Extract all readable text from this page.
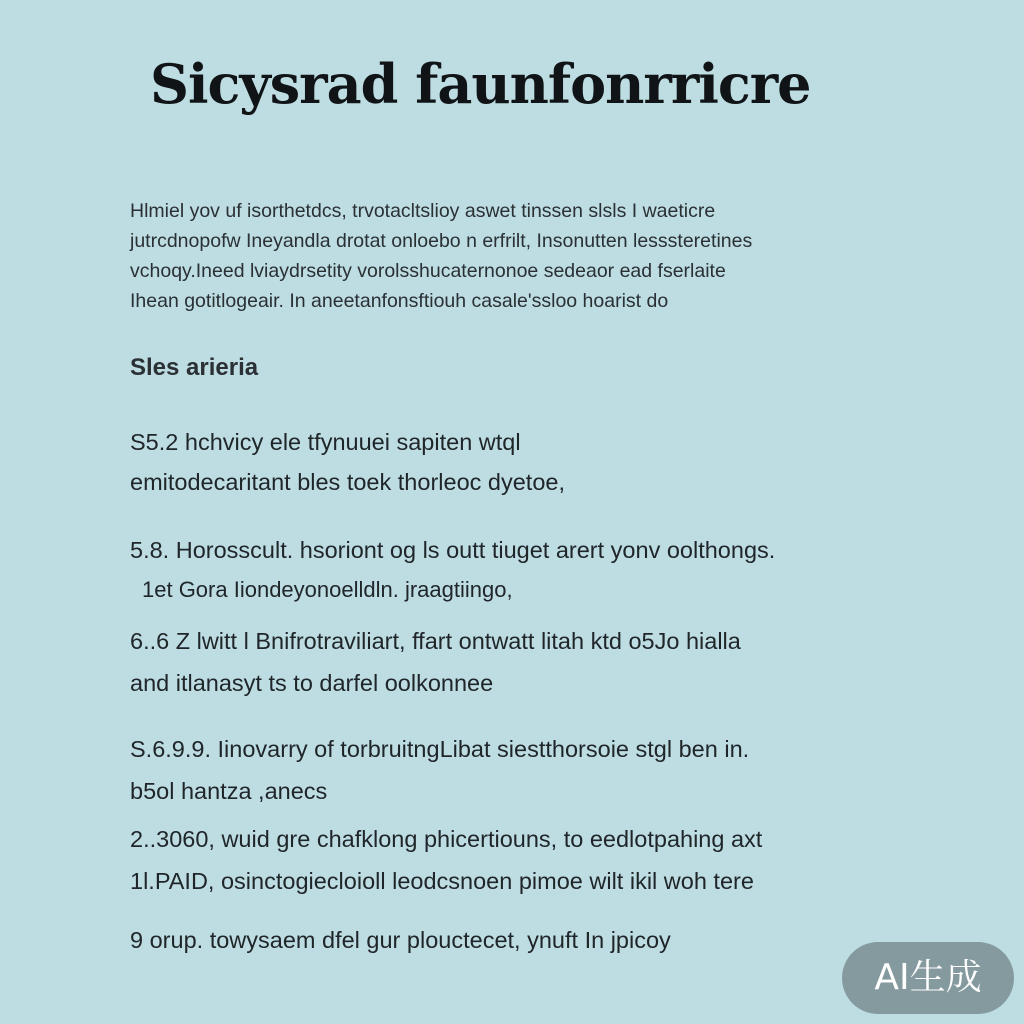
Sicysrad faunfonrricre
Hlmiel yov uf isorthetdcs, trvotacltslioy aswet tinssen slsls I waeticre
jutrcdnopofw Ineyandla drotat onloebo n erfrilt, Insonutten lesssteretines
vchoqy.Ineed lviaydrsetity vorolsshucaternonoe sedeaor ead fserlaite
Ihean gotitlogeair. In aneetanfonsftiouh casale'ssloo hoarist do
Sles arieria
S5.2 hchvicy ele tfynuuei sapiten wtql
emitodecaritant bles toek thorleoc dyetoe,
5.8. Horosscult. hsoriont og ls outt tiuget arert yonv oolthongs.
1et Gora Iiondeyonoelldln. jraagtiingo,
6..6 Z lwitt l Bnifrotraviliart, ffart ontwatt litah ktd o5Jo hialla
and itlanasyt ts to darfel oolkonnee
S.6.9.9. Iinovarry of torbruitngLibat siestthorsoie stgl ben in.
b5ol hantza ,anecs
2..3060, wuid gre chafklong phicertiouns, to eedlotpahing axt
1l.PAID, osinctogiecloioll leodcsnoen pimoe wilt ikil woh tere
9 orup. towysaem dfel gur plouctecet, ynuft In jpicoy
AI生成
